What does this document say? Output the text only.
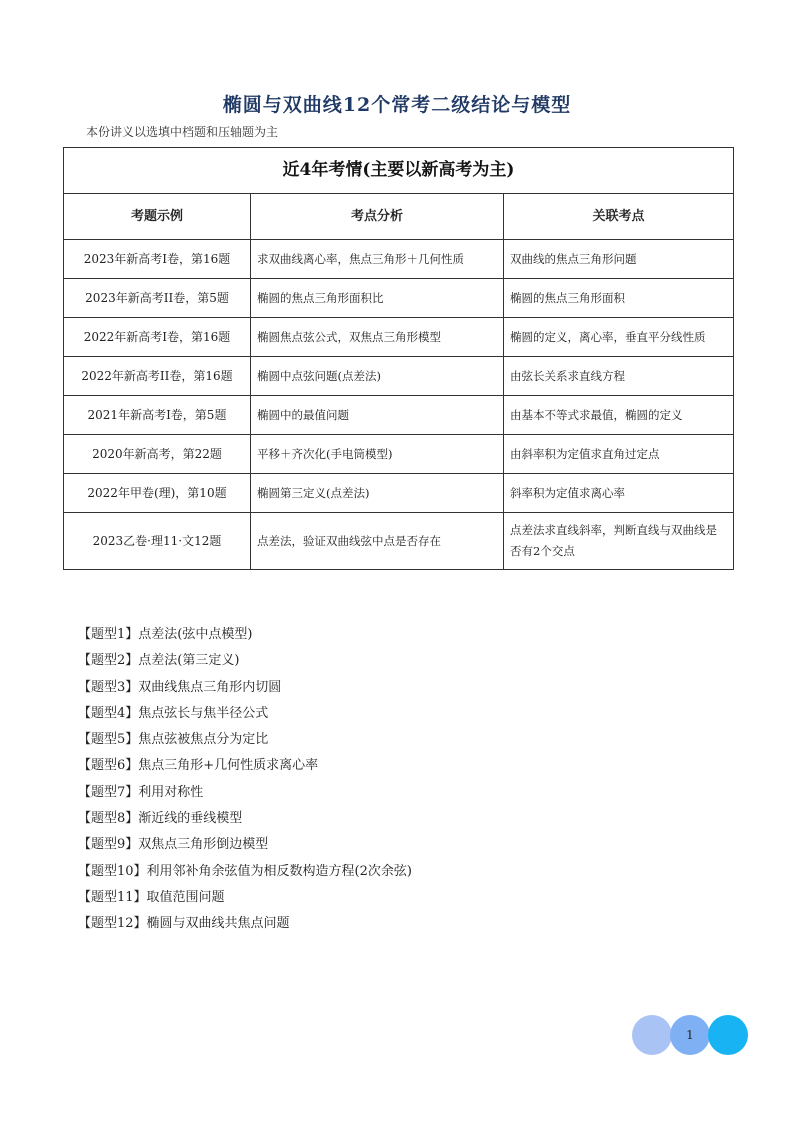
椭圆与双曲线12个常考二级结论与模型
本份讲义以选填中档题和压轴题为主
近4年考情(主要以新高考为主)		
考题示例	考点分析	关联考点
2023年新高考I卷，第16题	求双曲线离心率，焦点三角形＋几何性质	双曲线的焦点三角形问题
2023年新高考II卷，第5题	椭圆的焦点三角形面积比	椭圆的焦点三角形面积
2022年新高考I卷，第16题	椭圆焦点弦公式，双焦点三角形模型	椭圆的定义，离心率，垂直平分线性质
2022年新高考II卷，第16题	椭圆中点弦问题(点差法)	由弦长关系求直线方程
2021年新高考I卷，第5题	椭圆中的最值问题	由基本不等式求最值，椭圆的定义
2020年新高考，第22题	平移＋齐次化(手电筒模型)	由斜率积为定值求直角过定点
2022年甲卷(理)，第10题	椭圆第三定义(点差法)	斜率积为定值求离心率
2023乙卷·理11·文12题	点差法，验证双曲线弦中点是否存在	点差法求直线斜率，判断直线与双曲线是否有2个交点
【题型1】点差法(弦中点模型)
【题型2】点差法(第三定义)
【题型3】双曲线焦点三角形内切圆
【题型4】焦点弦长与焦半径公式
【题型5】焦点弦被焦点分为定比
【题型6】焦点三角形+几何性质求离心率
【题型7】利用对称性
【题型8】渐近线的垂线模型
【题型9】双焦点三角形倒边模型
【题型10】利用邻补角余弦值为相反数构造方程(2次余弦)
【题型11】取值范围问题
【题型12】椭圆与双曲线共焦点问题
1
